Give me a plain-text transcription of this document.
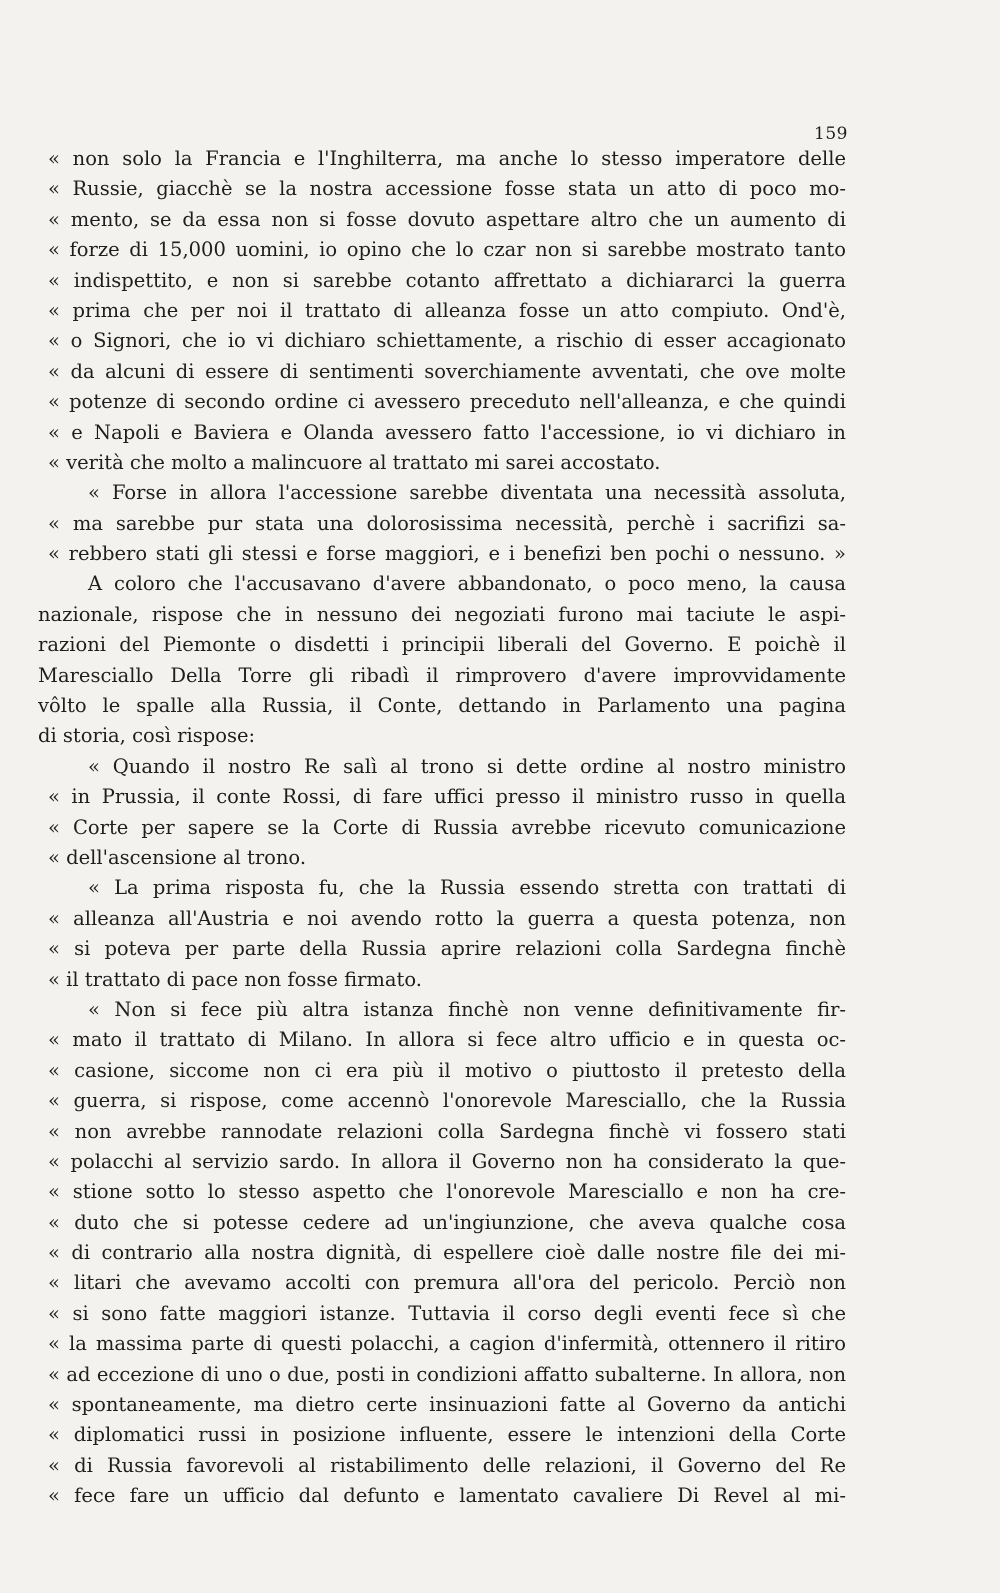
159
« non solo la Francia e l'Inghilterra, ma anche lo stesso imperatore delle
« Russie, giacchè se la nostra accessione fosse stata un atto di poco mo-
« mento, se da essa non si fosse dovuto aspettare altro che un aumento di
« forze di 15,000 uomini, io opino che lo czar non si sarebbe mostrato tanto
« indispettito, e non si sarebbe cotanto affrettato a dichiararci la guerra
« prima che per noi il trattato di alleanza fosse un atto compiuto. Ond'è,
« o Signori, che io vi dichiaro schiettamente, a rischio di esser accagionato
« da alcuni di essere di sentimenti soverchiamente avventati, che ove molte
« potenze di secondo ordine ci avessero preceduto nell'alleanza, e che quindi
« e Napoli e Baviera e Olanda avessero fatto l'accessione, io vi dichiaro in
« verità che molto a malincuore al trattato mi sarei accostato.
« Forse in allora l'accessione sarebbe diventata una necessità assoluta,
« ma sarebbe pur stata una dolorosissima necessità, perchè i sacrifizi sa-
« rebbero stati gli stessi e forse maggiori, e i benefizi ben pochi o nessuno. »
A coloro che l'accusavano d'avere abbandonato, o poco meno, la causa
nazionale, rispose che in nessuno dei negoziati furono mai taciute le aspi-
razioni del Piemonte o disdetti i principii liberali del Governo. E poichè il
Maresciallo Della Torre gli ribadì il rimprovero d'avere improvvidamente
vôlto le spalle alla Russia, il Conte, dettando in Parlamento una pagina
di storia, così rispose:
« Quando il nostro Re salì al trono si dette ordine al nostro ministro
« in Prussia, il conte Rossi, di fare uffici presso il ministro russo in quella
« Corte per sapere se la Corte di Russia avrebbe ricevuto comunicazione
« dell'ascensione al trono.
« La prima risposta fu, che la Russia essendo stretta con trattati di
« alleanza all'Austria e noi avendo rotto la guerra a questa potenza, non
« si poteva per parte della Russia aprire relazioni colla Sardegna finchè
« il trattato di pace non fosse firmato.
« Non si fece più altra istanza finchè non venne definitivamente fir-
« mato il trattato di Milano. In allora si fece altro ufficio e in questa oc-
« casione, siccome non ci era più il motivo o piuttosto il pretesto della
« guerra, si rispose, come accennò l'onorevole Maresciallo, che la Russia
« non avrebbe rannodate relazioni colla Sardegna finchè vi fossero stati
« polacchi al servizio sardo. In allora il Governo non ha considerato la que-
« stione sotto lo stesso aspetto che l'onorevole Maresciallo e non ha cre-
« duto che si potesse cedere ad un'ingiunzione, che aveva qualche cosa
« di contrario alla nostra dignità, di espellere cioè dalle nostre file dei mi-
« litari che avevamo accolti con premura all'ora del pericolo. Perciò non
« si sono fatte maggiori istanze. Tuttavia il corso degli eventi fece sì che
« la massima parte di questi polacchi, a cagion d'infermità, ottennero il ritiro
« ad eccezione di uno o due, posti in condizioni affatto subalterne. In allora, non
« spontaneamente, ma dietro certe insinuazioni fatte al Governo da antichi
« diplomatici russi in posizione influente, essere le intenzioni della Corte
« di Russia favorevoli al ristabilimento delle relazioni, il Governo del Re
« fece fare un ufficio dal defunto e lamentato cavaliere Di Revel al mi-
